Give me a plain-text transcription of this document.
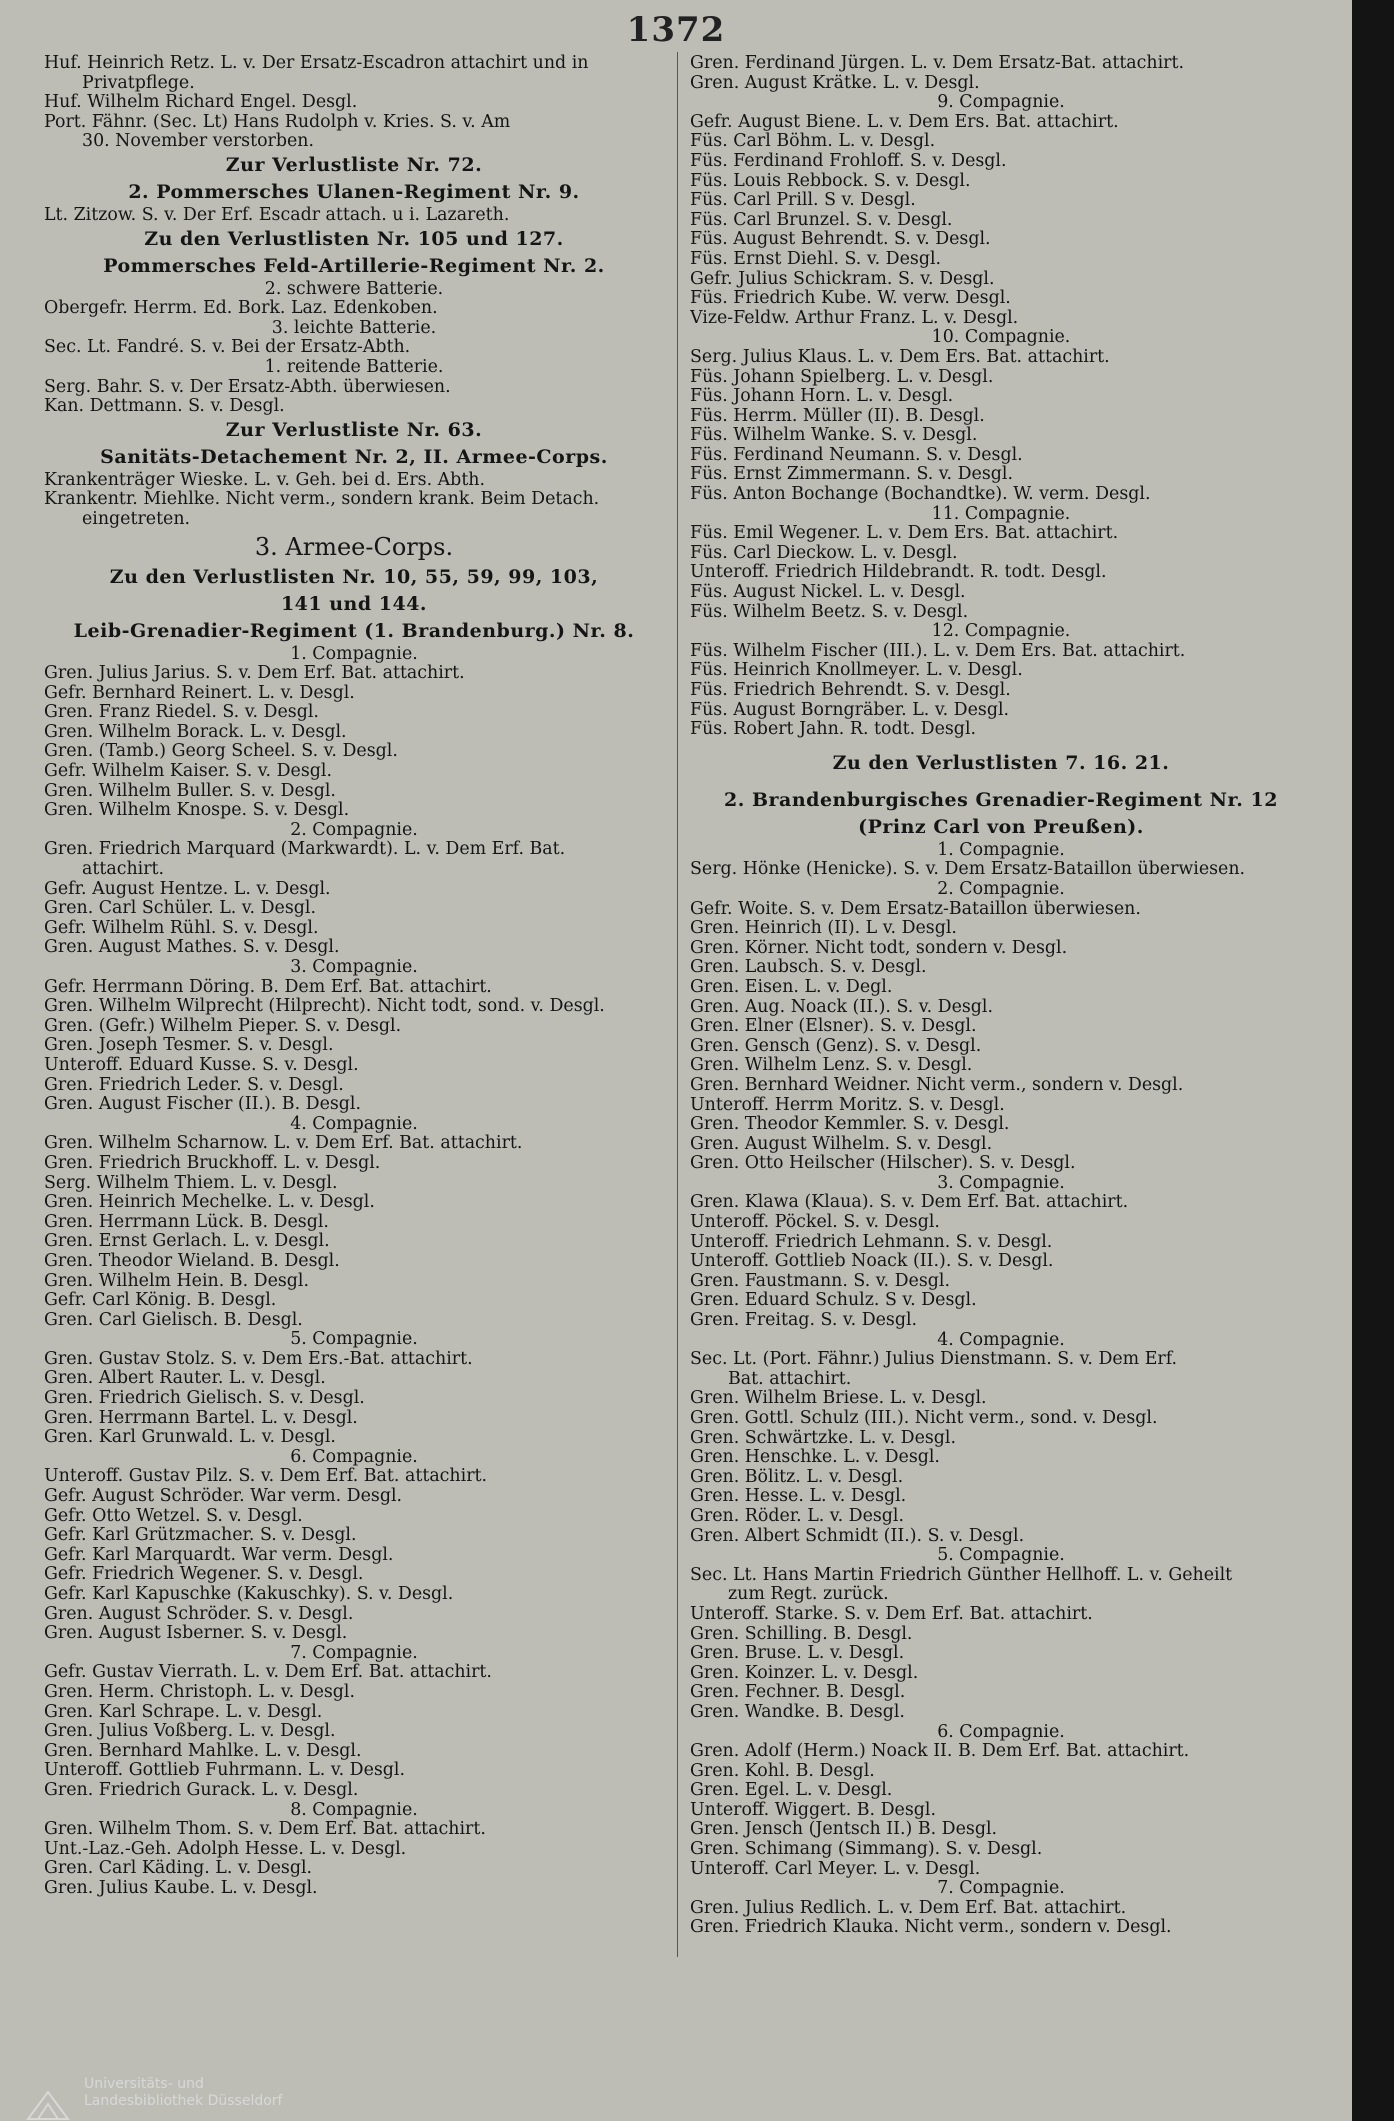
1372
Huf. Heinrich Retz. L. v. Der Ersatz-Escadron attachirt und in
Privatpflege.
Huf. Wilhelm Richard Engel. Desgl.
Port. Fähnr. (Sec. Lt) Hans Rudolph v. Kries. S. v. Am
30. November verstorben.
Zur Verlustliste Nr. 72.
2. Pommersches Ulanen-Regiment Nr. 9.
Lt. Zitzow. S. v. Der Erf. Escadr attach. u i. Lazareth.
Zu den Verlustlisten Nr. 105 und 127.
Pommersches Feld-Artillerie-Regiment Nr. 2.
2. schwere Batterie.
Obergefr. Herrm. Ed. Bork. Laz. Edenkoben.
3. leichte Batterie.
Sec. Lt. Fandré. S. v. Bei der Ersatz-Abth.
1. reitende Batterie.
Serg. Bahr. S. v. Der Ersatz-Abth. überwiesen.
Kan. Dettmann. S. v. Desgl.
Zur Verlustliste Nr. 63.
Sanitäts-Detachement Nr. 2, II. Armee-Corps.
Krankenträger Wieske. L. v. Geh. bei d. Ers. Abth.
Krankentr. Miehlke. Nicht verm., sondern krank. Beim Detach.
eingetreten.
3. Armee-Corps.
Zu den Verlustlisten Nr. 10, 55, 59, 99, 103,
141 und 144.
Leib-Grenadier-Regiment (1. Brandenburg.) Nr. 8.
1. Compagnie.
Gren. Julius Jarius. S. v. Dem Erf. Bat. attachirt.
Gefr. Bernhard Reinert. L. v. Desgl.
Gren. Franz Riedel. S. v. Desgl.
Gren. Wilhelm Borack. L. v. Desgl.
Gren. (Tamb.) Georg Scheel. S. v. Desgl.
Gefr. Wilhelm Kaiser. S. v. Desgl.
Gren. Wilhelm Buller. S. v. Desgl.
Gren. Wilhelm Knospe. S. v. Desgl.
2. Compagnie.
Gren. Friedrich Marquard (Markwardt). L. v. Dem Erf. Bat.
attachirt.
Gefr. August Hentze. L. v. Desgl.
Gren. Carl Schüler. L. v. Desgl.
Gefr. Wilhelm Rühl. S. v. Desgl.
Gren. August Mathes. S. v. Desgl.
3. Compagnie.
Gefr. Herrmann Döring. B. Dem Erf. Bat. attachirt.
Gren. Wilhelm Wilprecht (Hilprecht). Nicht todt, sond. v. Desgl.
Gren. (Gefr.) Wilhelm Pieper. S. v. Desgl.
Gren. Joseph Tesmer. S. v. Desgl.
Unteroff. Eduard Kusse. S. v. Desgl.
Gren. Friedrich Leder. S. v. Desgl.
Gren. August Fischer (II.). B. Desgl.
4. Compagnie.
Gren. Wilhelm Scharnow. L. v. Dem Erf. Bat. attachirt.
Gren. Friedrich Bruckhoff. L. v. Desgl.
Serg. Wilhelm Thiem. L. v. Desgl.
Gren. Heinrich Mechelke. L. v. Desgl.
Gren. Herrmann Lück. B. Desgl.
Gren. Ernst Gerlach. L. v. Desgl.
Gren. Theodor Wieland. B. Desgl.
Gren. Wilhelm Hein. B. Desgl.
Gefr. Carl König. B. Desgl.
Gren. Carl Gielisch. B. Desgl.
5. Compagnie.
Gren. Gustav Stolz. S. v. Dem Ers.-Bat. attachirt.
Gren. Albert Rauter. L. v. Desgl.
Gren. Friedrich Gielisch. S. v. Desgl.
Gren. Herrmann Bartel. L. v. Desgl.
Gren. Karl Grunwald. L. v. Desgl.
6. Compagnie.
Unteroff. Gustav Pilz. S. v. Dem Erf. Bat. attachirt.
Gefr. August Schröder. War verm. Desgl.
Gefr. Otto Wetzel. S. v. Desgl.
Gefr. Karl Grützmacher. S. v. Desgl.
Gefr. Karl Marquardt. War verm. Desgl.
Gefr. Friedrich Wegener. S. v. Desgl.
Gefr. Karl Kapuschke (Kakuschky). S. v. Desgl.
Gren. August Schröder. S. v. Desgl.
Gren. August Isberner. S. v. Desgl.
7. Compagnie.
Gefr. Gustav Vierrath. L. v. Dem Erf. Bat. attachirt.
Gren. Herm. Christoph. L. v. Desgl.
Gren. Karl Schrape. L. v. Desgl.
Gren. Julius Voßberg. L. v. Desgl.
Gren. Bernhard Mahlke. L. v. Desgl.
Unteroff. Gottlieb Fuhrmann. L. v. Desgl.
Gren. Friedrich Gurack. L. v. Desgl.
8. Compagnie.
Gren. Wilhelm Thom. S. v. Dem Erf. Bat. attachirt.
Unt.-Laz.-Geh. Adolph Hesse. L. v. Desgl.
Gren. Carl Käding. L. v. Desgl.
Gren. Julius Kaube. L. v. Desgl.
Gren. Ferdinand Jürgen. L. v. Dem Ersatz-Bat. attachirt.
Gren. August Krätke. L. v. Desgl.
9. Compagnie.
Gefr. August Biene. L. v. Dem Ers. Bat. attachirt.
Füs. Carl Böhm. L. v. Desgl.
Füs. Ferdinand Frohloff. S. v. Desgl.
Füs. Louis Rebbock. S. v. Desgl.
Füs. Carl Prill. S v. Desgl.
Füs. Carl Brunzel. S. v. Desgl.
Füs. August Behrendt. S. v. Desgl.
Füs. Ernst Diehl. S. v. Desgl.
Gefr. Julius Schickram. S. v. Desgl.
Füs. Friedrich Kube. W. verw. Desgl.
Vize-Feldw. Arthur Franz. L. v. Desgl.
10. Compagnie.
Serg. Julius Klaus. L. v. Dem Ers. Bat. attachirt.
Füs. Johann Spielberg. L. v. Desgl.
Füs. Johann Horn. L. v. Desgl.
Füs. Herrm. Müller (II). B. Desgl.
Füs. Wilhelm Wanke. S. v. Desgl.
Füs. Ferdinand Neumann. S. v. Desgl.
Füs. Ernst Zimmermann. S. v. Desgl.
Füs. Anton Bochange (Bochandtke). W. verm. Desgl.
11. Compagnie.
Füs. Emil Wegener. L. v. Dem Ers. Bat. attachirt.
Füs. Carl Dieckow. L. v. Desgl.
Unteroff. Friedrich Hildebrandt. R. todt. Desgl.
Füs. August Nickel. L. v. Desgl.
Füs. Wilhelm Beetz. S. v. Desgl.
12. Compagnie.
Füs. Wilhelm Fischer (III.). L. v. Dem Ers. Bat. attachirt.
Füs. Heinrich Knollmeyer. L. v. Desgl.
Füs. Friedrich Behrendt. S. v. Desgl.
Füs. August Borngräber. L. v. Desgl.
Füs. Robert Jahn. R. todt. Desgl.
Zu den Verlustlisten 7. 16. 21.
2. Brandenburgisches Grenadier-Regiment Nr. 12
(Prinz Carl von Preußen).
1. Compagnie.
Serg. Hönke (Henicke). S. v. Dem Ersatz-Bataillon überwiesen.
2. Compagnie.
Gefr. Woite. S. v. Dem Ersatz-Bataillon überwiesen.
Gren. Heinrich (II). L v. Desgl.
Gren. Körner. Nicht todt, sondern v. Desgl.
Gren. Laubsch. S. v. Desgl.
Gren. Eisen. L. v. Degl.
Gren. Aug. Noack (II.). S. v. Desgl.
Gren. Elner (Elsner). S. v. Desgl.
Gren. Gensch (Genz). S. v. Desgl.
Gren. Wilhelm Lenz. S. v. Desgl.
Gren. Bernhard Weidner. Nicht verm., sondern v. Desgl.
Unteroff. Herrm Moritz. S. v. Desgl.
Gren. Theodor Kemmler. S. v. Desgl.
Gren. August Wilhelm. S. v. Desgl.
Gren. Otto Heilscher (Hilscher). S. v. Desgl.
3. Compagnie.
Gren. Klawa (Klaua). S. v. Dem Erf. Bat. attachirt.
Unteroff. Pöckel. S. v. Desgl.
Unteroff. Friedrich Lehmann. S. v. Desgl.
Unteroff. Gottlieb Noack (II.). S. v. Desgl.
Gren. Faustmann. S. v. Desgl.
Gren. Eduard Schulz. S v. Desgl.
Gren. Freitag. S. v. Desgl.
4. Compagnie.
Sec. Lt. (Port. Fähnr.) Julius Dienstmann. S. v. Dem Erf.
Bat. attachirt.
Gren. Wilhelm Briese. L. v. Desgl.
Gren. Gottl. Schulz (III.). Nicht verm., sond. v. Desgl.
Gren. Schwärtzke. L. v. Desgl.
Gren. Henschke. L. v. Desgl.
Gren. Bölitz. L. v. Desgl.
Gren. Hesse. L. v. Desgl.
Gren. Röder. L. v. Desgl.
Gren. Albert Schmidt (II.). S. v. Desgl.
5. Compagnie.
Sec. Lt. Hans Martin Friedrich Günther Hellhoff. L. v. Geheilt
zum Regt. zurück.
Unteroff. Starke. S. v. Dem Erf. Bat. attachirt.
Gren. Schilling. B. Desgl.
Gren. Bruse. L. v. Desgl.
Gren. Koinzer. L. v. Desgl.
Gren. Fechner. B. Desgl.
Gren. Wandke. B. Desgl.
6. Compagnie.
Gren. Adolf (Herm.) Noack II. B. Dem Erf. Bat. attachirt.
Gren. Kohl. B. Desgl.
Gren. Egel. L. v. Desgl.
Unteroff. Wiggert. B. Desgl.
Gren. Jensch (Jentsch II.) B. Desgl.
Gren. Schimang (Simmang). S. v. Desgl.
Unteroff. Carl Meyer. L. v. Desgl.
7. Compagnie.
Gren. Julius Redlich. L. v. Dem Erf. Bat. attachirt.
Gren. Friedrich Klauka. Nicht verm., sondern v. Desgl.
Universitäts- und
Landesbibliothek Düsseldorf
